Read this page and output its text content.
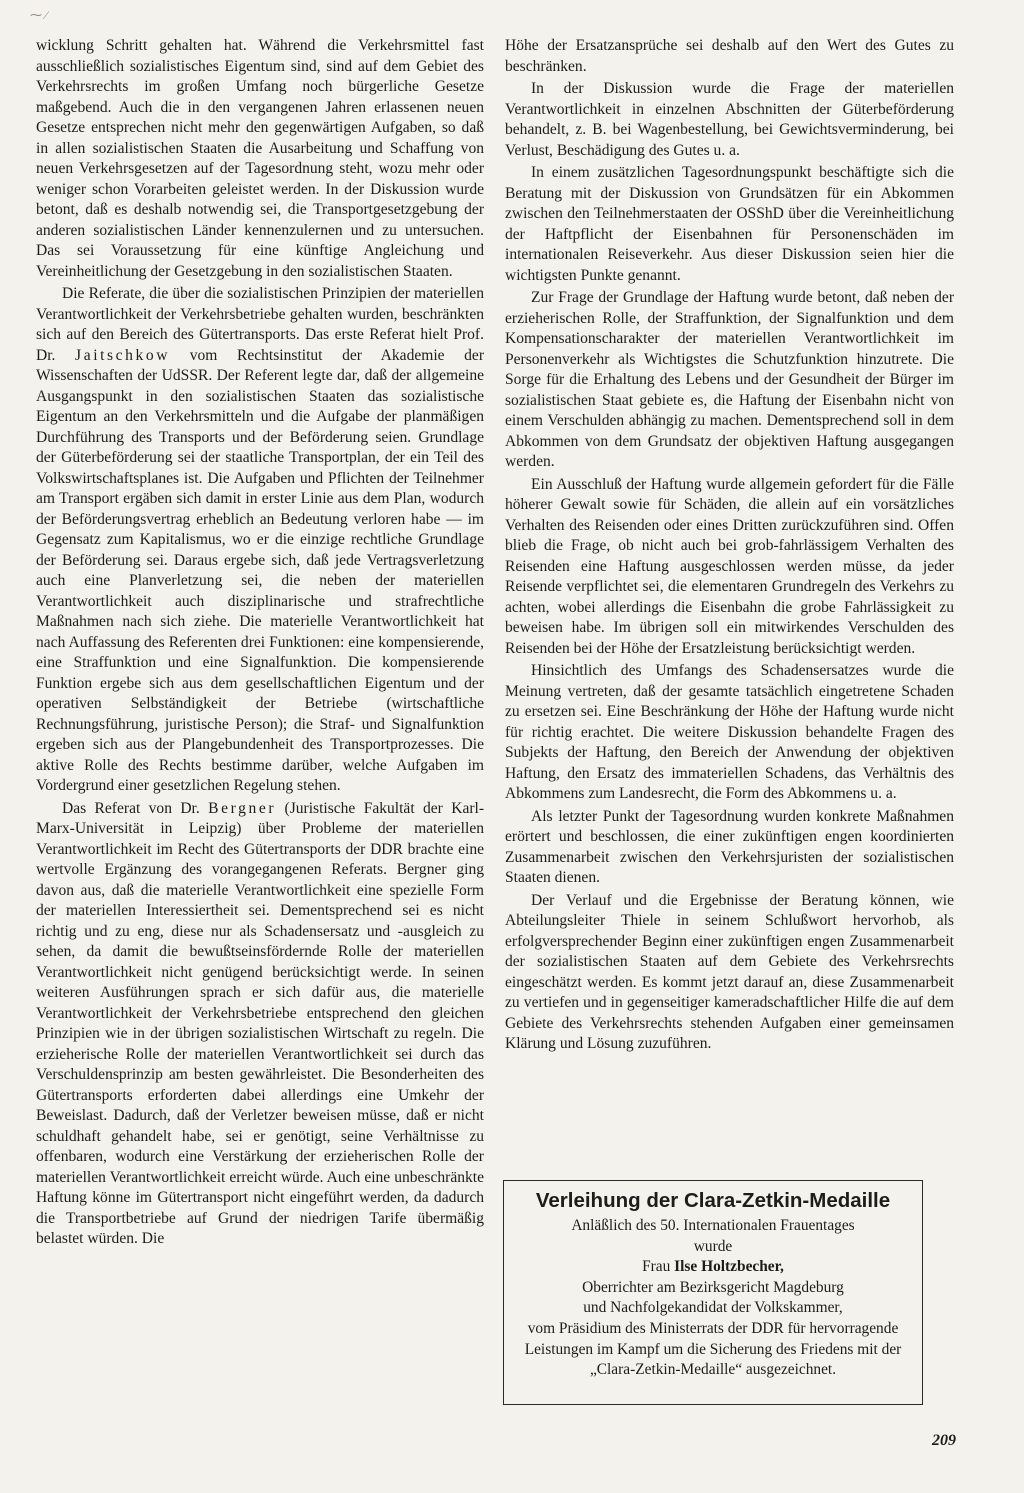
⁓ ⁄

wicklung Schritt gehalten hat. Während die Verkehrsmittel fast ausschließlich sozialistisches Eigentum sind, sind auf dem Gebiet des Verkehrsrechts im großen Umfang noch bürgerliche Gesetze maßgebend. Auch die in den vergangenen Jahren erlassenen neuen Gesetze entsprechen nicht mehr den gegenwärtigen Aufgaben, so daß in allen sozialistischen Staaten die Ausarbeitung und Schaffung von neuen Verkehrsgesetzen auf der Tagesordnung steht, wozu mehr oder weniger schon Vorarbeiten geleistet werden. In der Diskussion wurde betont, daß es deshalb notwendig sei, die Transportgesetzgebung der anderen sozialistischen Länder kennenzulernen und zu untersuchen. Das sei Voraussetzung für eine künftige Angleichung und Vereinheitlichung der Gesetzgebung in den sozialistischen Staaten.

Die Referate, die über die sozialistischen Prinzipien der materiellen Verantwortlichkeit der Verkehrsbetriebe gehalten wurden, beschränkten sich auf den Bereich des Gütertransports. Das erste Referat hielt Prof. Dr. Jaitschkow vom Rechtsinstitut der Akademie der Wissenschaften der UdSSR. Der Referent legte dar, daß der allgemeine Ausgangspunkt in den sozialistischen Staaten das sozialistische Eigentum an den Verkehrsmitteln und die Aufgabe der planmäßigen Durchführung des Transports und der Beförderung seien. Grundlage der Güterbeförderung sei der staatliche Transportplan, der ein Teil des Volkswirtschaftsplanes ist. Die Aufgaben und Pflichten der Teilnehmer am Transport ergäben sich damit in erster Linie aus dem Plan, wodurch der Beförderungsvertrag erheblich an Bedeutung verloren habe — im Gegensatz zum Kapitalismus, wo er die einzige rechtliche Grundlage der Beförderung sei. Daraus ergebe sich, daß jede Vertragsverletzung auch eine Planverletzung sei, die neben der materiellen Verantwortlichkeit auch disziplinarische und strafrechtliche Maßnahmen nach sich ziehe. Die materielle Verantwortlichkeit hat nach Auffassung des Referenten drei Funktionen: eine kompensierende, eine Straffunktion und eine Signalfunktion. Die kompensierende Funktion ergebe sich aus dem gesellschaftlichen Eigentum und der operativen Selbständigkeit der Betriebe (wirtschaftliche Rechnungsführung, juristische Person); die Straf- und Signalfunktion ergeben sich aus der Plangebundenheit des Transportprozesses. Die aktive Rolle des Rechts bestimme darüber, welche Aufgaben im Vordergrund einer gesetzlichen Regelung stehen.

Das Referat von Dr. Bergner (Juristische Fakultät der Karl-Marx-Universität in Leipzig) über Probleme der materiellen Verantwortlichkeit im Recht des Gütertransports der DDR brachte eine wertvolle Ergänzung des vorangegangenen Referats. Bergner ging davon aus, daß die materielle Verantwortlichkeit eine spezielle Form der materiellen Interessiertheit sei. Dementsprechend sei es nicht richtig und zu eng, diese nur als Schadensersatz und -ausgleich zu sehen, da damit die bewußtseinsfördernde Rolle der materiellen Verantwortlichkeit nicht genügend berücksichtigt werde. In seinen weiteren Ausführungen sprach er sich dafür aus, die materielle Verantwortlichkeit der Verkehrsbetriebe entsprechend den gleichen Prinzipien wie in der übrigen sozialistischen Wirtschaft zu regeln. Die erzieherische Rolle der materiellen Verantwortlichkeit sei durch das Verschuldensprinzip am besten gewährleistet. Die Besonderheiten des Gütertransports erforderten dabei allerdings eine Umkehr der Beweislast. Dadurch, daß der Verletzer beweisen müsse, daß er nicht schuldhaft gehandelt habe, sei er genötigt, seine Verhältnisse zu offenbaren, wodurch eine Verstärkung der erzieherischen Rolle der materiellen Verantwortlichkeit erreicht würde. Auch eine unbeschränkte Haftung könne im Gütertransport nicht eingeführt werden, da dadurch die Transportbetriebe auf Grund der niedrigen Tarife übermäßig belastet würden. Die

Höhe der Ersatzansprüche sei deshalb auf den Wert des Gutes zu beschränken.

In der Diskussion wurde die Frage der materiellen Verantwortlichkeit in einzelnen Abschnitten der Güterbeförderung behandelt, z. B. bei Wagenbestellung, bei Gewichtsverminderung, bei Verlust, Beschädigung des Gutes u. a.

In einem zusätzlichen Tagesordnungspunkt beschäftigte sich die Beratung mit der Diskussion von Grundsätzen für ein Abkommen zwischen den Teilnehmerstaaten der OSShD über die Vereinheitlichung der Haftpflicht der Eisenbahnen für Personenschäden im internationalen Reiseverkehr. Aus dieser Diskussion seien hier die wichtigsten Punkte genannt.

Zur Frage der Grundlage der Haftung wurde betont, daß neben der erzieherischen Rolle, der Straffunktion, der Signalfunktion und dem Kompensationscharakter der materiellen Verantwortlichkeit im Personenverkehr als Wichtigstes die Schutzfunktion hinzutrete. Die Sorge für die Erhaltung des Lebens und der Gesundheit der Bürger im sozialistischen Staat gebiete es, die Haftung der Eisenbahn nicht von einem Verschulden abhängig zu machen. Dementsprechend soll in dem Abkommen von dem Grundsatz der objektiven Haftung ausgegangen werden.

Ein Ausschluß der Haftung wurde allgemein gefordert für die Fälle höherer Gewalt sowie für Schäden, die allein auf ein vorsätzliches Verhalten des Reisenden oder eines Dritten zurückzuführen sind. Offen blieb die Frage, ob nicht auch bei grob-fahrlässigem Verhalten des Reisenden eine Haftung ausgeschlossen werden müsse, da jeder Reisende verpflichtet sei, die elementaren Grundregeln des Verkehrs zu achten, wobei allerdings die Eisenbahn die grobe Fahrlässigkeit zu beweisen habe. Im übrigen soll ein mitwirkendes Verschulden des Reisenden bei der Höhe der Ersatzleistung berücksichtigt werden.

Hinsichtlich des Umfangs des Schadensersatzes wurde die Meinung vertreten, daß der gesamte tatsächlich eingetretene Schaden zu ersetzen sei. Eine Beschränkung der Höhe der Haftung wurde nicht für richtig erachtet. Die weitere Diskussion behandelte Fragen des Subjekts der Haftung, den Bereich der Anwendung der objektiven Haftung, den Ersatz des immateriellen Schadens, das Verhältnis des Abkommens zum Landesrecht, die Form des Abkommens u. a.

Als letzter Punkt der Tagesordnung wurden konkrete Maßnahmen erörtert und beschlossen, die einer zukünftigen engen koordinierten Zusammenarbeit zwischen den Verkehrsjuristen der sozialistischen Staaten dienen.

Der Verlauf und die Ergebnisse der Beratung können, wie Abteilungsleiter Thiele in seinem Schlußwort hervorhob, als erfolgversprechender Beginn einer zukünftigen engen Zusammenarbeit der sozialistischen Staaten auf dem Gebiete des Verkehrsrechts eingeschätzt werden. Es kommt jetzt darauf an, diese Zusammenarbeit zu vertiefen und in gegenseitiger kameradschaftlicher Hilfe die auf dem Gebiete des Verkehrsrechts stehenden Aufgaben einer gemeinsamen Klärung und Lösung zuzuführen.

Verleihung der Clara-Zetkin-Medaille

Anläßlich des 50. Internationalen Frauentages

wurde

Frau Ilse Holtzbecher,

Oberrichter am Bezirksgericht Magdeburg

und Nachfolgekandidat der Volkskammer,

vom Präsidium des Ministerrats der DDR für hervorragende Leistungen im Kampf um die Sicherung des Friedens mit der „Clara-Zetkin-Medaille“ ausgezeichnet.

209
